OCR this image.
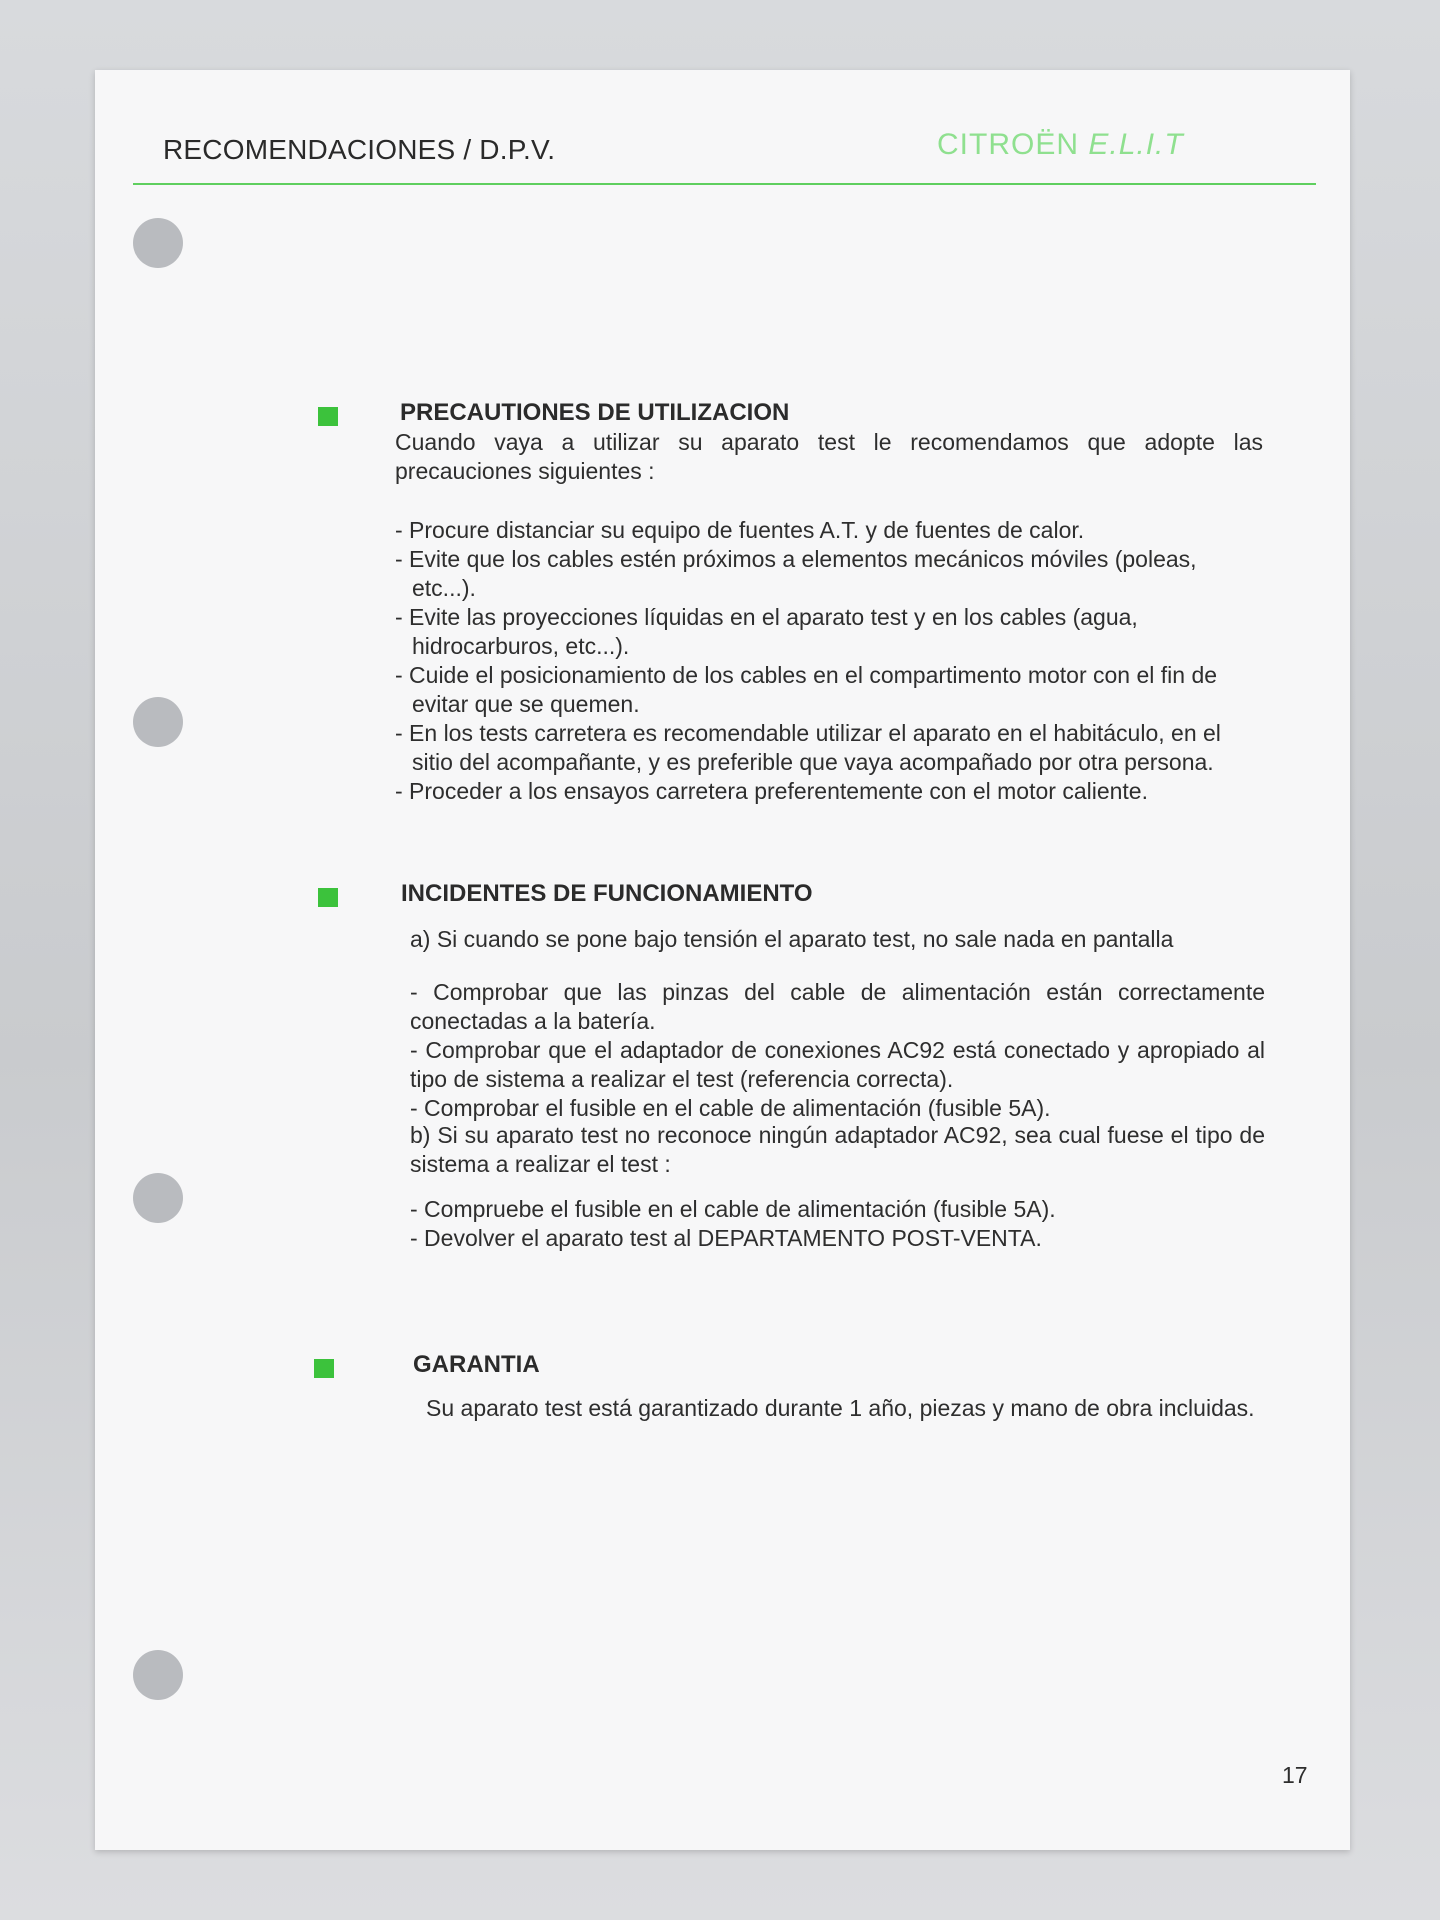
RECOMENDACIONES / D.P.V.	CITROËN E.L.I.T
PRECAUTIONES DE UTILIZACION

Cuando vaya a utilizar su aparato test le recomendamos que adopte las precauciones siguientes :

- Procure distanciar su equipo de fuentes A.T. y de fuentes de calor.
- Evite que los cables estén próximos a elementos mecánicos móviles (poleas, etc...).
- Evite las proyecciones líquidas en el aparato test y en los cables (agua, hidrocarburos, etc...).
- Cuide el posicionamiento de los cables en el compartimento motor con el fin de evitar que se quemen.
- En los tests carretera es recomendable utilizar el aparato en el habitáculo, en el sitio del acompañante, y es preferible que vaya acompañado por otra persona.
- Proceder a los ensayos carretera preferentemente con el motor caliente.
INCIDENTES DE FUNCIONAMIENTO

a) Si cuando se pone bajo tensión el aparato test, no sale nada en pantalla

- Comprobar que las pinzas del cable de alimentación están correctamente conectadas a la batería.

- Comprobar que el adaptador de conexiones AC92 está conectado y apropiado al tipo de sistema a realizar el test (referencia correcta).

- Comprobar el fusible en el cable de alimentación (fusible 5A).

b) Si su aparato test no reconoce ningún adaptador AC92, sea cual fuese el tipo de sistema a realizar el test :

- Compruebe el fusible en el cable de alimentación (fusible 5A).

- Devolver el aparato test al DEPARTAMENTO POST-VENTA.

GARANTIA

Su aparato test está garantizado durante 1 año, piezas y mano de obra incluidas.

17
